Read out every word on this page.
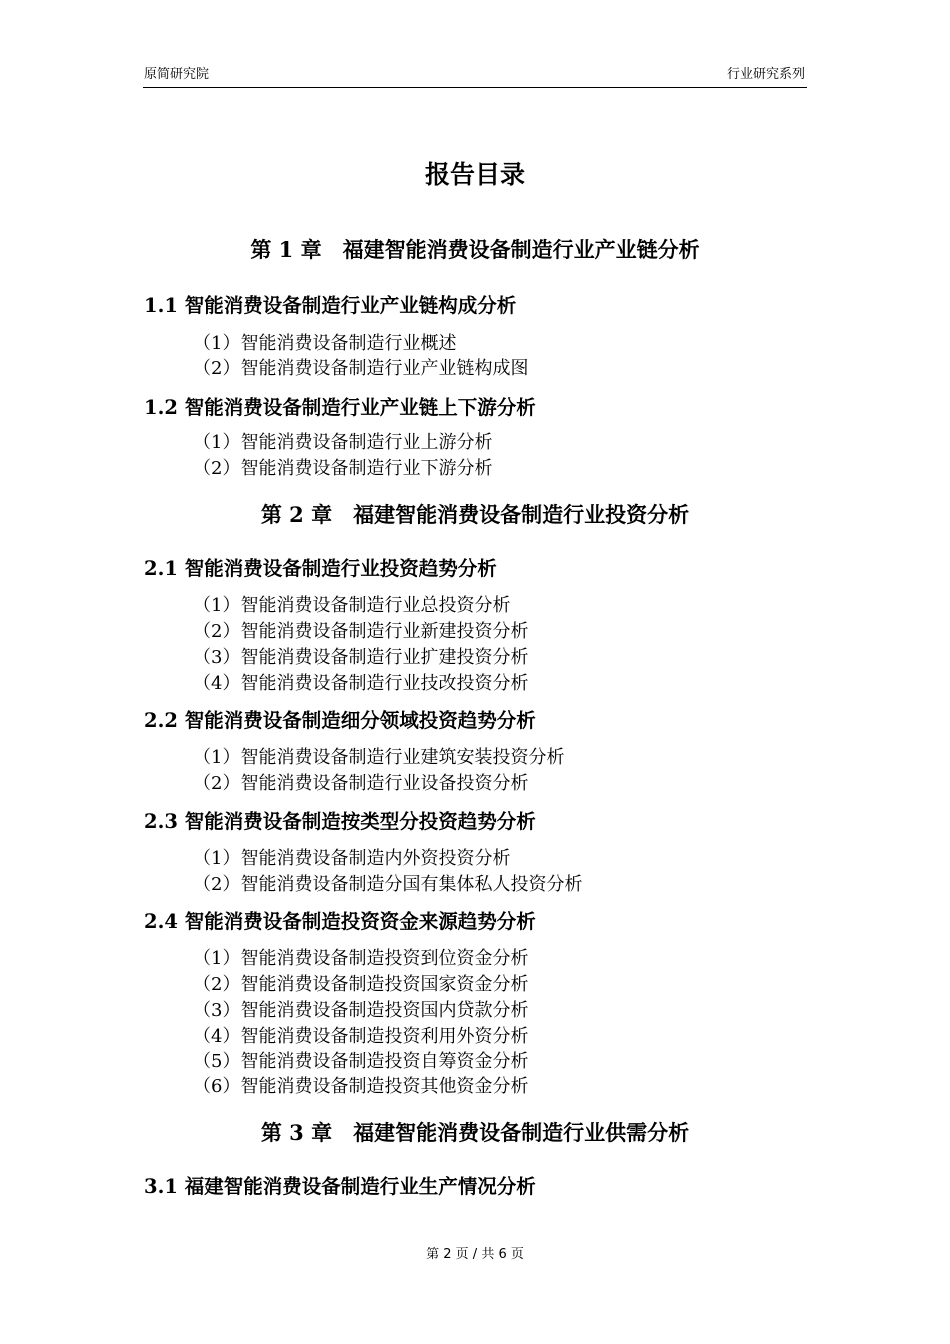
原简研究院	行业研究系列
报告目录
第 1 章　福建智能消费设备制造行业产业链分析
1.1 智能消费设备制造行业产业链构成分析
（1）智能消费设备制造行业概述
（2）智能消费设备制造行业产业链构成图
1.2 智能消费设备制造行业产业链上下游分析
（1）智能消费设备制造行业上游分析
（2）智能消费设备制造行业下游分析
第 2 章　福建智能消费设备制造行业投资分析
2.1 智能消费设备制造行业投资趋势分析
（1）智能消费设备制造行业总投资分析
（2）智能消费设备制造行业新建投资分析
（3）智能消费设备制造行业扩建投资分析
（4）智能消费设备制造行业技改投资分析
2.2 智能消费设备制造细分领域投资趋势分析
（1）智能消费设备制造行业建筑安装投资分析
（2）智能消费设备制造行业设备投资分析
2.3 智能消费设备制造按类型分投资趋势分析
（1）智能消费设备制造内外资投资分析
（2）智能消费设备制造分国有集体私人投资分析
2.4 智能消费设备制造投资资金来源趋势分析
（1）智能消费设备制造投资到位资金分析
（2）智能消费设备制造投资国家资金分析
（3）智能消费设备制造投资国内贷款分析
（4）智能消费设备制造投资利用外资分析
（5）智能消费设备制造投资自筹资金分析
（6）智能消费设备制造投资其他资金分析
第 3 章　福建智能消费设备制造行业供需分析
3.1 福建智能消费设备制造行业生产情况分析
第 2 页 / 共 6 页
